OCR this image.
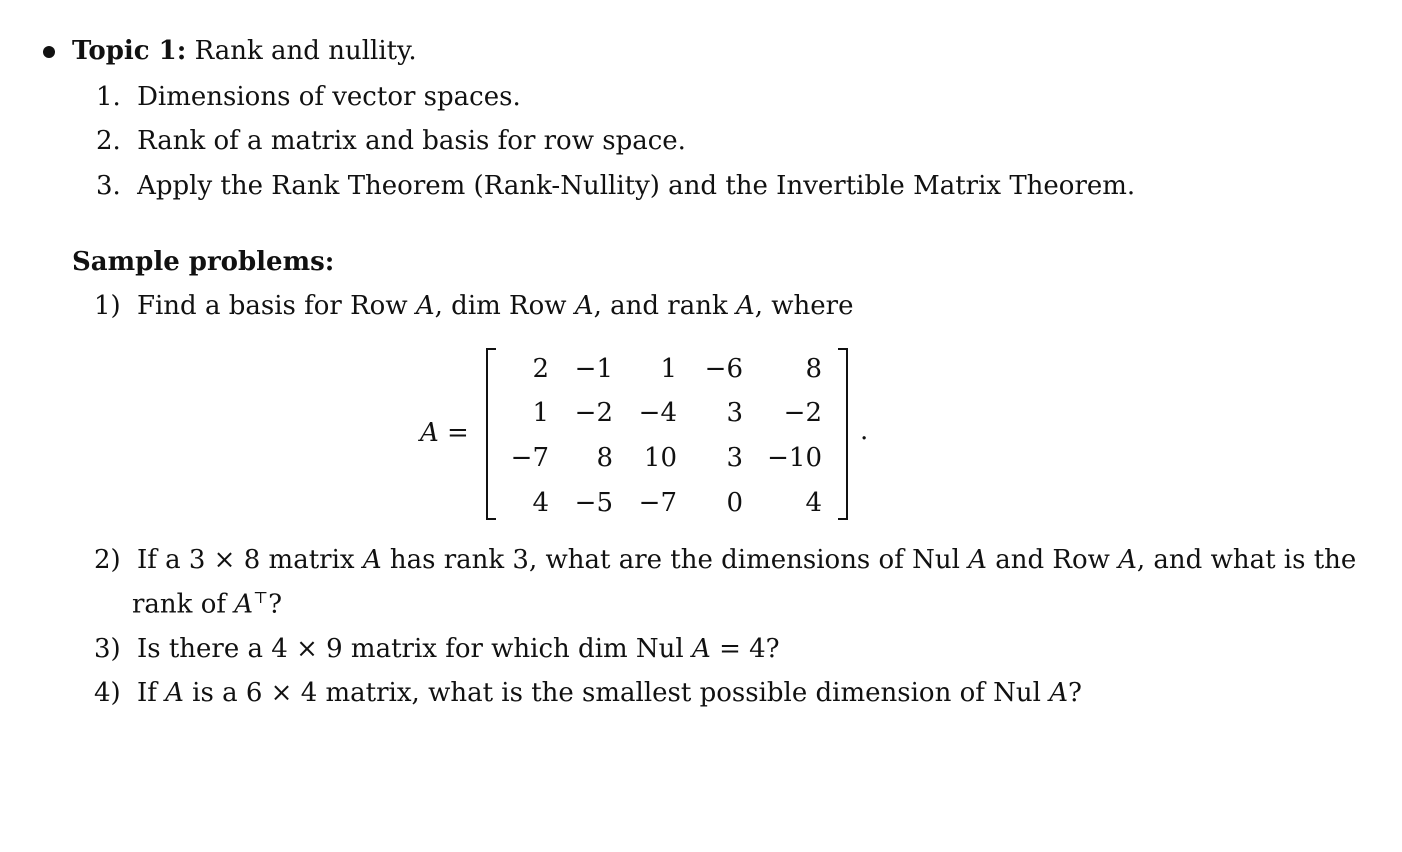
Topic 1: Rank and nullity.
1. Dimensions of vector spaces.
2. Rank of a matrix and basis for row space.
3. Apply the Rank Theorem (Rank-Nullity) and the Invertible Matrix Theorem.
Sample problems:
1) Find a basis for Row A, dim Row A, and rank A, where
A =
2 −1	1	−6	8
1 −2 −4	3	−2
−7	8	10	3 −10
4 −5 −7	0	4
.
2) If a 3 × 8 matrix A has rank 3, what are the dimensions of Nul A and Row A, and what is the
rank of A⊤?
3) Is there a 4 × 9 matrix for which dim Nul A = 4?
4) If A is a 6 × 4 matrix, what is the smallest possible dimension of Nul A?
